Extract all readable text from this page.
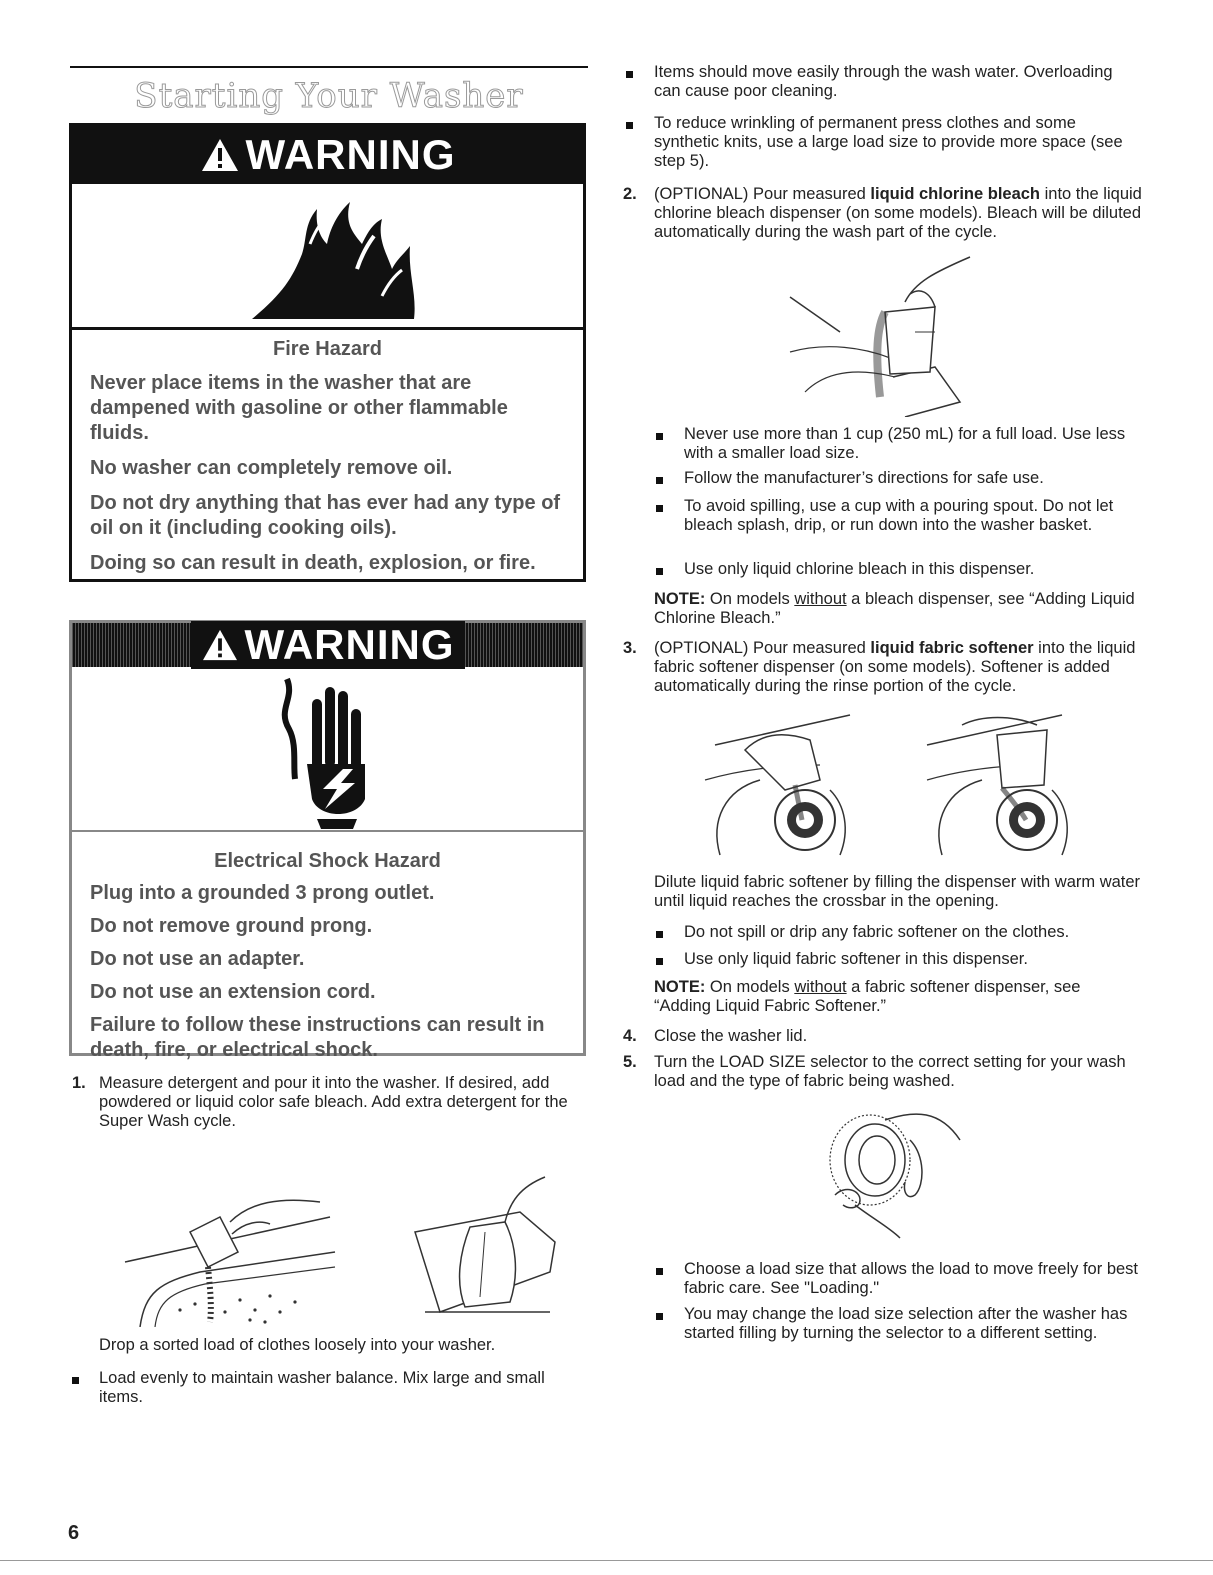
Starting Your Washer
WARNING
Fire Hazard

Never place items in the washer that are dampened with gasoline or other flammable fluids.

No washer can completely remove oil.

Do not dry anything that has ever had any type of oil on it (including cooking oils).

Doing so can result in death, explosion, or fire.

WARNING
Electrical Shock Hazard

Plug into a grounded 3 prong outlet.

Do not remove ground prong.

Do not use an adapter.

Do not use an extension cord.

Failure to follow these instructions can result in death, fire, or electrical shock.

1. Measure detergent and pour it into the washer. If desired, add powdered or liquid color safe bleach. Add extra detergent for the Super Wash cycle.
Drop a sorted load of clothes loosely into your washer.
Load evenly to maintain washer balance. Mix large and small items.
6
Items should move easily through the wash water. Overloading can cause poor cleaning.
To reduce wrinkling of permanent press clothes and some synthetic knits, use a large load size to provide more space (see step 5).
2. (OPTIONAL) Pour measured liquid chlorine bleach into the liquid chlorine bleach dispenser (on some models). Bleach will be diluted automatically during the wash part of the cycle.
Never use more than 1 cup (250 mL) for a full load. Use less with a smaller load size.
Follow the manufacturer’s directions for safe use.
To avoid spilling, use a cup with a pouring spout. Do not let bleach splash, drip, or run down into the washer basket.
Use only liquid chlorine bleach in this dispenser.
NOTE: On models without a bleach dispenser, see “Adding Liquid Chlorine Bleach.”
3. (OPTIONAL) Pour measured liquid fabric softener into the liquid fabric softener dispenser (on some models). Softener is added automatically during the rinse portion of the cycle.
Dilute liquid fabric softener by filling the dispenser with warm water until liquid reaches the crossbar in the opening.
Do not spill or drip any fabric softener on the clothes.
Use only liquid fabric softener in this dispenser.
NOTE: On models without a fabric softener dispenser, see “Adding Liquid Fabric Softener.”
4. Close the washer lid.
5. Turn the LOAD SIZE selector to the correct setting for your wash load and the type of fabric being washed.
Choose a load size that allows the load to move freely for best fabric care. See "Loading."
You may change the load size selection after the washer has started filling by turning the selector to a different setting.
